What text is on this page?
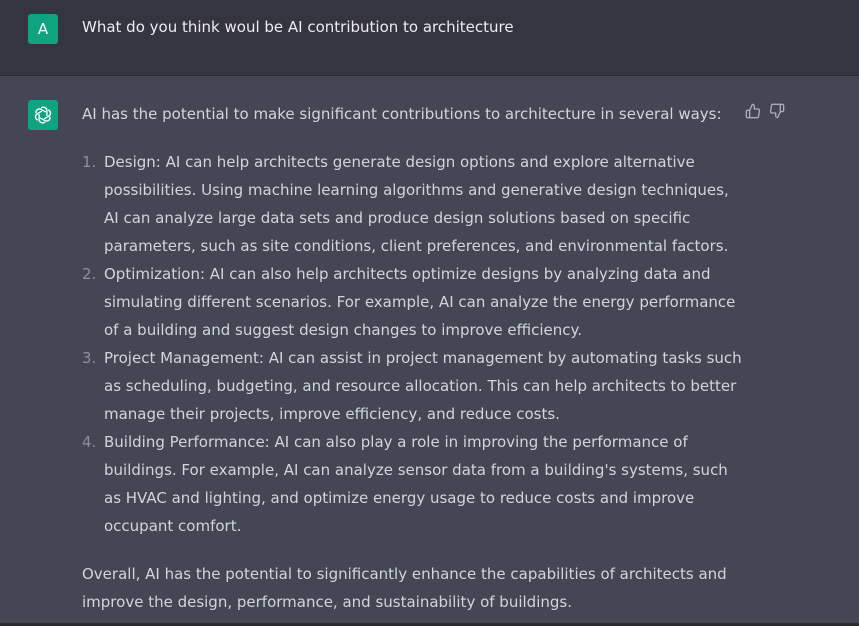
A	What do you think woul be AI contribution to architecture

AI has the potential to make significant contributions to architecture in several ways:

1. Design: AI can help architects generate design options and explore alternative possibilities. Using machine learning algorithms and generative design techniques, AI can analyze large data sets and produce design solutions based on specific parameters, such as site conditions, client preferences, and environmental factors.
2. Optimization: AI can also help architects optimize designs by analyzing data and simulating different scenarios. For example, AI can analyze the energy performance of a building and suggest design changes to improve efficiency.
3. Project Management: AI can assist in project management by automating tasks such as scheduling, budgeting, and resource allocation. This can help architects to better manage their projects, improve efficiency, and reduce costs.
4. Building Performance: AI can also play a role in improving the performance of buildings. For example, AI can analyze sensor data from a building's systems, such as HVAC and lighting, and optimize energy usage to reduce costs and improve occupant comfort.

Overall, AI has the potential to significantly enhance the capabilities of architects and improve the design, performance, and sustainability of buildings.
